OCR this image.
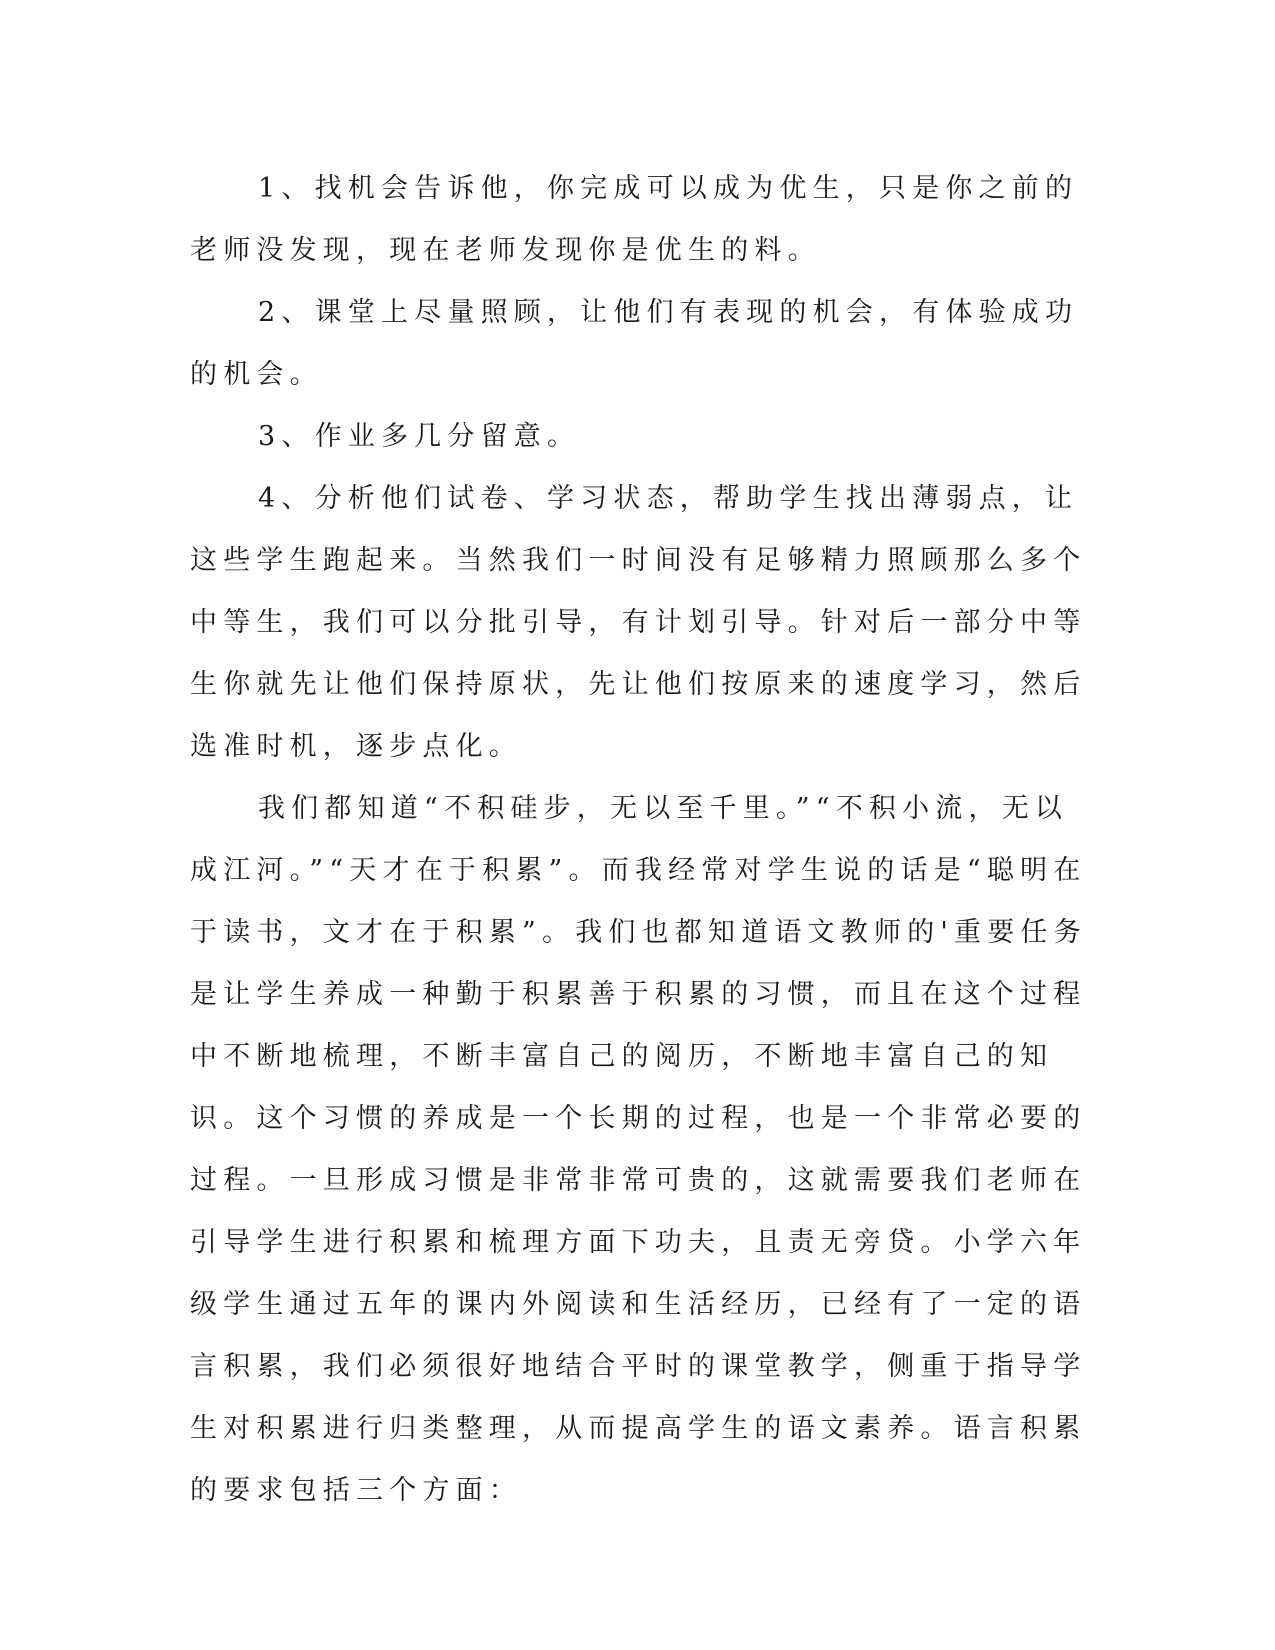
1、找机会告诉他，你完成可以成为优生，只是你之前的老师没发现，现在老师发现你是优生的料。

2、课堂上尽量照顾，让他们有表现的机会，有体验成功的机会。

3、作业多几分留意。

4、分析他们试卷、学习状态，帮助学生找出薄弱点，让这些学生跑起来。当然我们一时间没有足够精力照顾那么多个中等生，我们可以分批引导，有计划引导。针对后一部分中等生你就先让他们保持原状，先让他们按原来的速度学习，然后选准时机，逐步点化。

我们都知道“不积硅步，无以至千里。”“不积小流，无以成江河。”“天才在于积累”。而我经常对学生说的话是“聪明在于读书，文才在于积累”。我们也都知道语文教师的'重要任务是让学生养成一种勤于积累善于积累的习惯，而且在这个过程中不断地梳理，不断丰富自己的阅历，不断地丰富自己的知识。这个习惯的养成是一个长期的过程，也是一个非常必要的过程。一旦形成习惯是非常非常可贵的，这就需要我们老师在引导学生进行积累和梳理方面下功夫，且责无旁贷。小学六年级学生通过五年的课内外阅读和生活经历，已经有了一定的语言积累，我们必须很好地结合平时的课堂教学，侧重于指导学生对积累进行归类整理，从而提高学生的语文素养。语言积累的要求包括三个方面：
